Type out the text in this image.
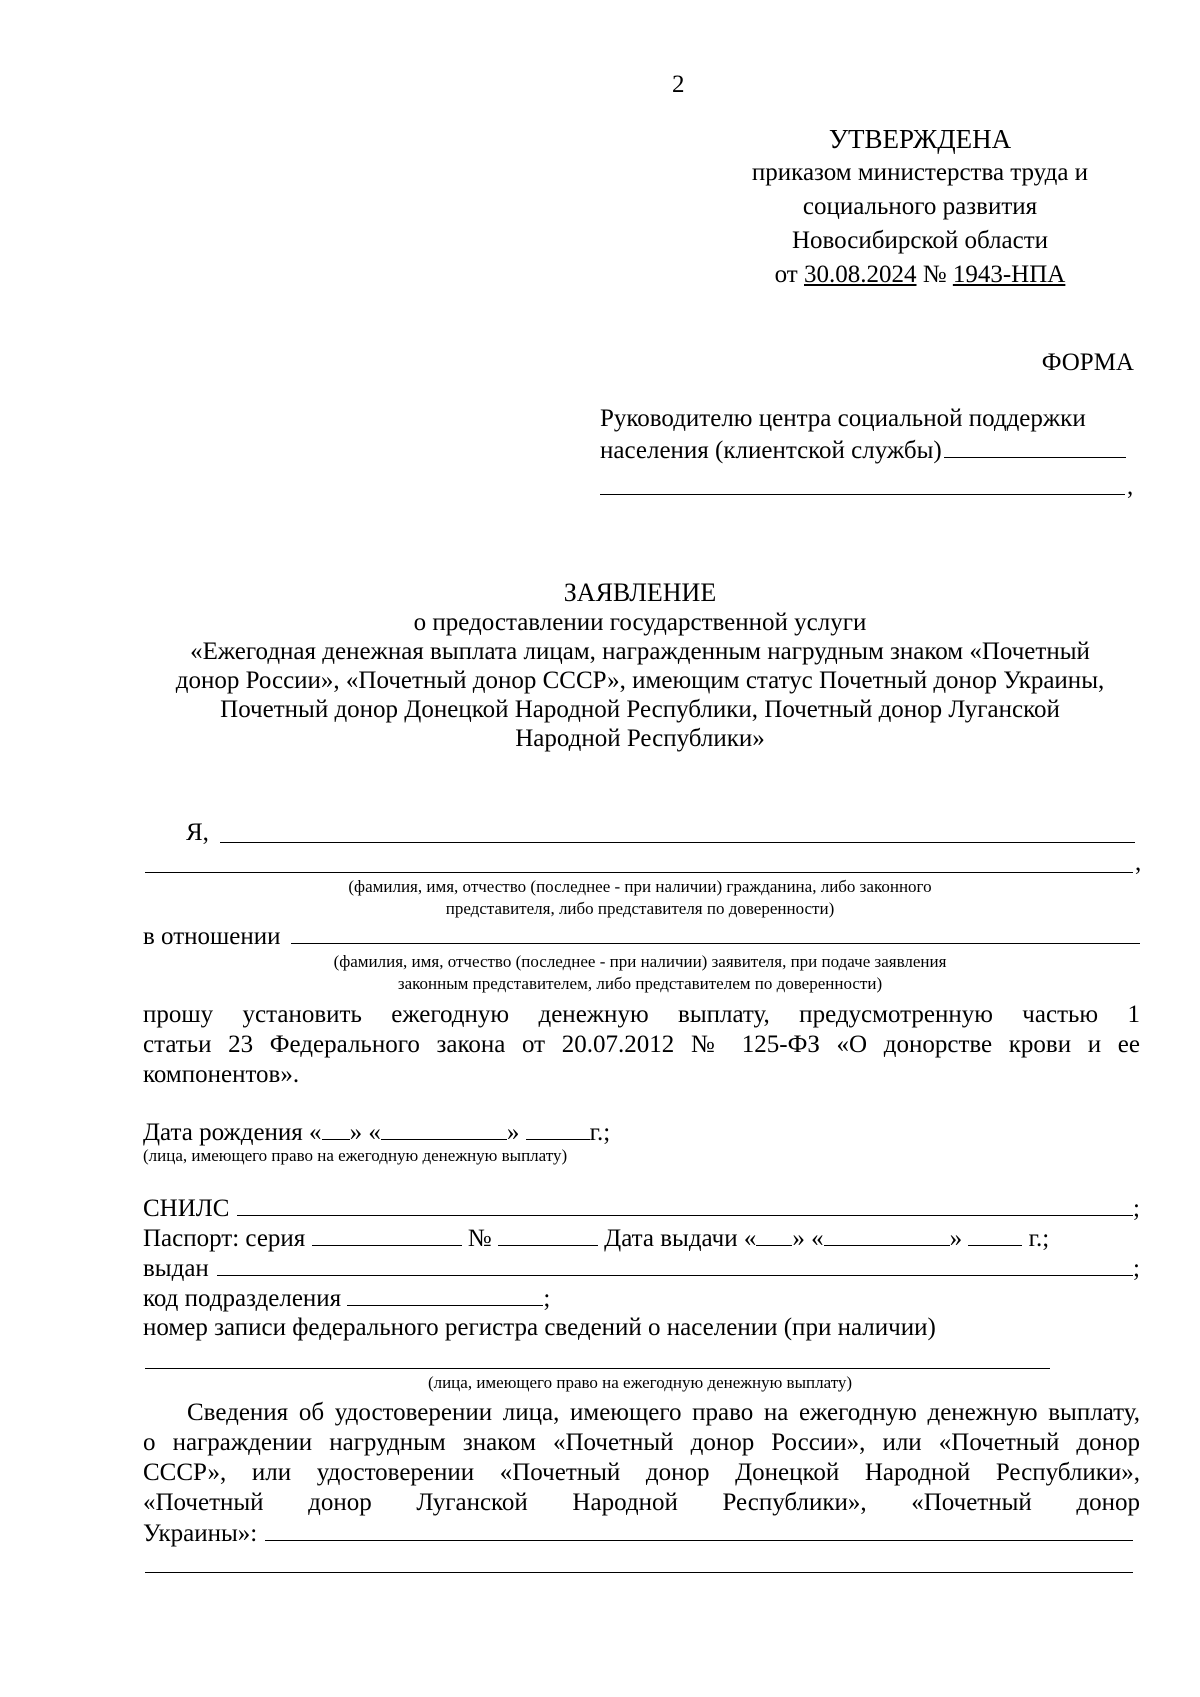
2
УТВЕРЖДЕНА
приказом министерства труда и
социального развития
Новосибирской области
от 30.08.2024 № 1943-НПА
ФОРМА
Руководителю центра социальной поддержки
населения (клиентской службы)
,
ЗАЯВЛЕНИЕ
о предоставлении государственной услуги
«Ежегодная денежная выплата лицам, награжденным нагрудным знаком «Почетный
донор России», «Почетный донор СССР», имеющим статус Почетный донор Украины,
Почетный донор Донецкой Народной Республики, Почетный донор Луганской
Народной Республики»
Я,
,
(фамилия, имя, отчество (последнее - при наличии) гражданина, либо законного
представителя, либо представителя по доверенности)
в отношении
(фамилия, имя, отчество (последнее - при наличии) заявителя, при подаче заявления
законным представителем, либо представителем по доверенности)
прошу установить ежегодную денежную выплату, предусмотренную частью 1
статьи 23 Федерального закона от 20.07.2012 № 125-ФЗ «О донорстве крови и ее
компонентов».
Дата рождения « » «	»	г.;
(лица, имеющего право на ежегодную денежную выплату)
СНИЛС	;
Паспорт: серия	№	Дата выдачи « » «	»	г.;
выдан	;
код подразделения	;
номер записи федерального регистра сведений о населении (при наличии)
(лица, имеющего право на ежегодную денежную выплату)
Сведения об удостоверении лица, имеющего право на ежегодную денежную выплату,
о награждении нагрудным знаком «Почетный донор России», или «Почетный донор
СССР», или удостоверении «Почетный донор Донецкой Народной Республики»,
«Почетный донор Луганской Народной Республики», «Почетный донор
Украины»:
